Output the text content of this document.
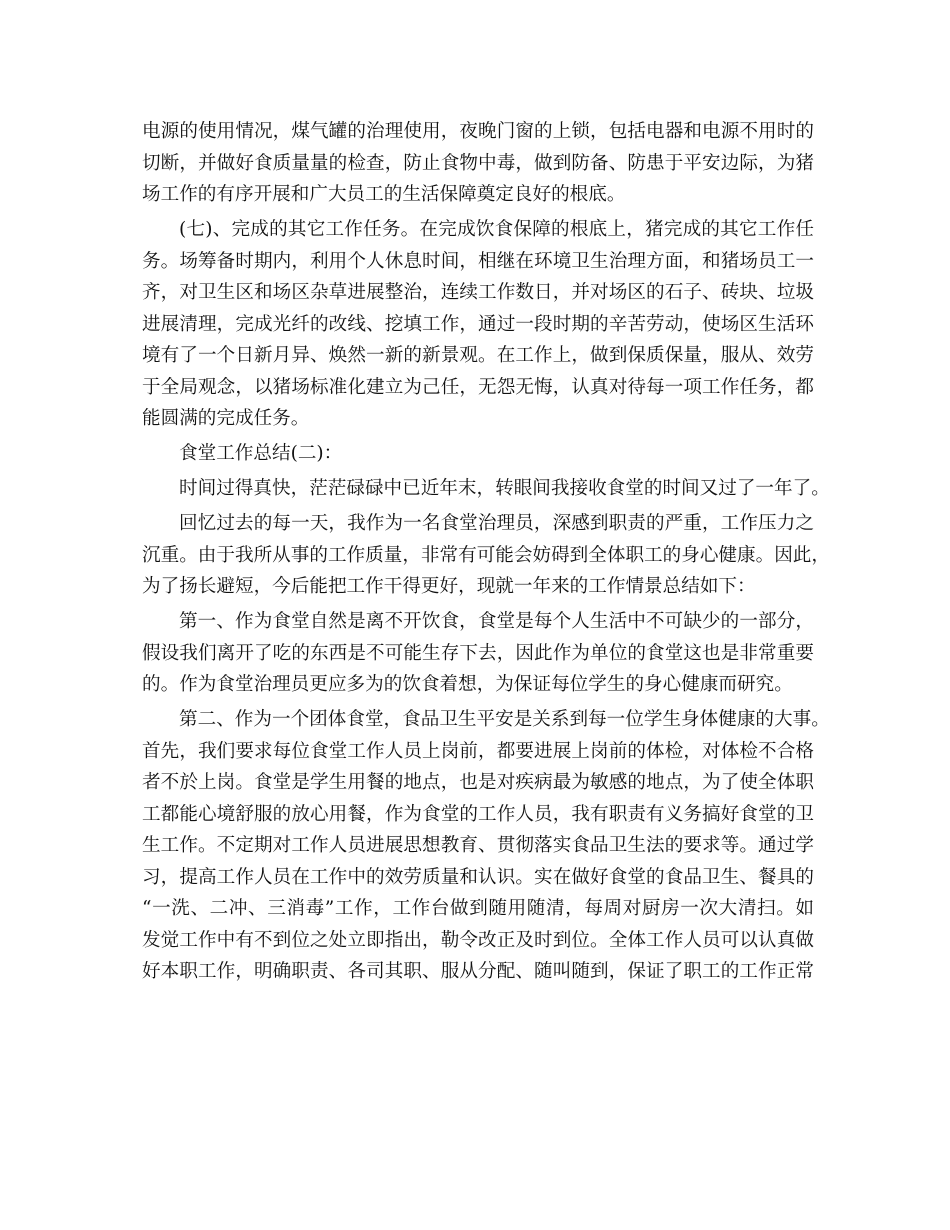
电源的使用情况，煤气罐的治理使用，夜晚门窗的上锁，包括电器和电源不用时的
切断，并做好食质量量的检查，防止食物中毒，做到防备、防患于平安边际，为猪
场工作的有序开展和广大员工的生活保障奠定良好的根底。
(七)、完成的其它工作任务。在完成饮食保障的根底上，猪完成的其它工作任
务。场筹备时期内，利用个人休息时间，相继在环境卫生治理方面，和猪场员工一
齐，对卫生区和场区杂草进展整治，连续工作数日，并对场区的石子、砖块、垃圾
进展清理，完成光纤的改线、挖填工作，通过一段时期的辛苦劳动，使场区生活环
境有了一个日新月异、焕然一新的新景观。在工作上，做到保质保量，服从、效劳
于全局观念，以猪场标准化建立为己任，无怨无悔，认真对待每一项工作任务，都
能圆满的完成任务。
食堂工作总结(二)：
时间过得真快，茫茫碌碌中已近年末，转眼间我接收食堂的时间又过了一年了。
回忆过去的每一天，我作为一名食堂治理员，深感到职责的严重，工作压力之
沉重。由于我所从事的工作质量，非常有可能会妨碍到全体职工的身心健康。因此，
为了扬长避短，今后能把工作干得更好，现就一年来的工作情景总结如下：
第一、作为食堂自然是离不开饮食，食堂是每个人生活中不可缺少的一部分，
假设我们离开了吃的东西是不可能生存下去，因此作为单位的食堂这也是非常重要
的。作为食堂治理员更应多为的饮食着想，为保证每位学生的身心健康而研究。
第二、作为一个团体食堂，食品卫生平安是关系到每一位学生身体健康的大事。
首先，我们要求每位食堂工作人员上岗前，都要进展上岗前的体检，对体检不合格
者不於上岗。食堂是学生用餐的地点，也是对疾病最为敏感的地点，为了使全体职
工都能心境舒服的放心用餐，作为食堂的工作人员，我有职责有义务搞好食堂的卫
生工作。不定期对工作人员进展思想教育、贯彻落实食品卫生法的要求等。通过学
习，提高工作人员在工作中的效劳质量和认识。实在做好食堂的食品卫生、餐具的
“一洗、二冲、三消毒”工作，工作台做到随用随清，每周对厨房一次大清扫。如
发觉工作中有不到位之处立即指出，勒令改正及时到位。全体工作人员可以认真做
好本职工作，明确职责、各司其职、服从分配、随叫随到，保证了职工的工作正常
